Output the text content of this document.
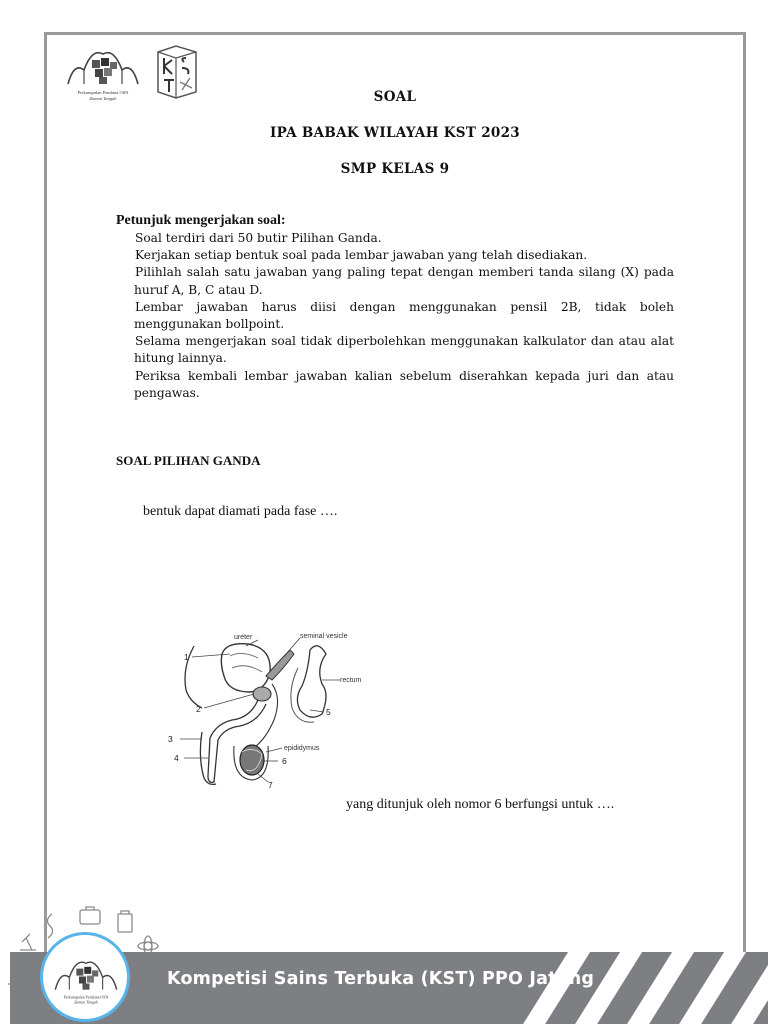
Perkumpulan Pembina OSN
Zaman Tangah	SOAL
IPA BABAK WILAYAH KST 2023
SMP KELAS 9
Petunjuk mengerjakan soal:
Soal terdiri dari 50 butir Pilihan Ganda.
Kerjakan setiap bentuk soal pada lembar jawaban yang telah disediakan.
Pilihlah salah satu jawaban yang paling tepat dengan memberi tanda silang (X) pada huruf A, B, C atau D.
Lembar jawaban harus diisi dengan menggunakan pensil 2B, tidak boleh menggunakan bollpoint.
Selama mengerjakan soal tidak diperbolehkan menggunakan kalkulator dan atau alat hitung lainnya.
Periksa kembali lembar jawaban kalian sebelum diserahkan kepada juri dan atau pengawas.
SOAL PILIHAN GANDA
bentuk dapat diamati pada fase ….
ureter	seminal vesicle
rectum
epididymus
1
2
3
4
5
6
7
yang ditunjuk oleh nomor 6 berfungsi untuk ….
Kompetisi Sains Terbuka (KST) PPO Jateng
Perkumpulan Pembina OSN
Zaman Tangah
